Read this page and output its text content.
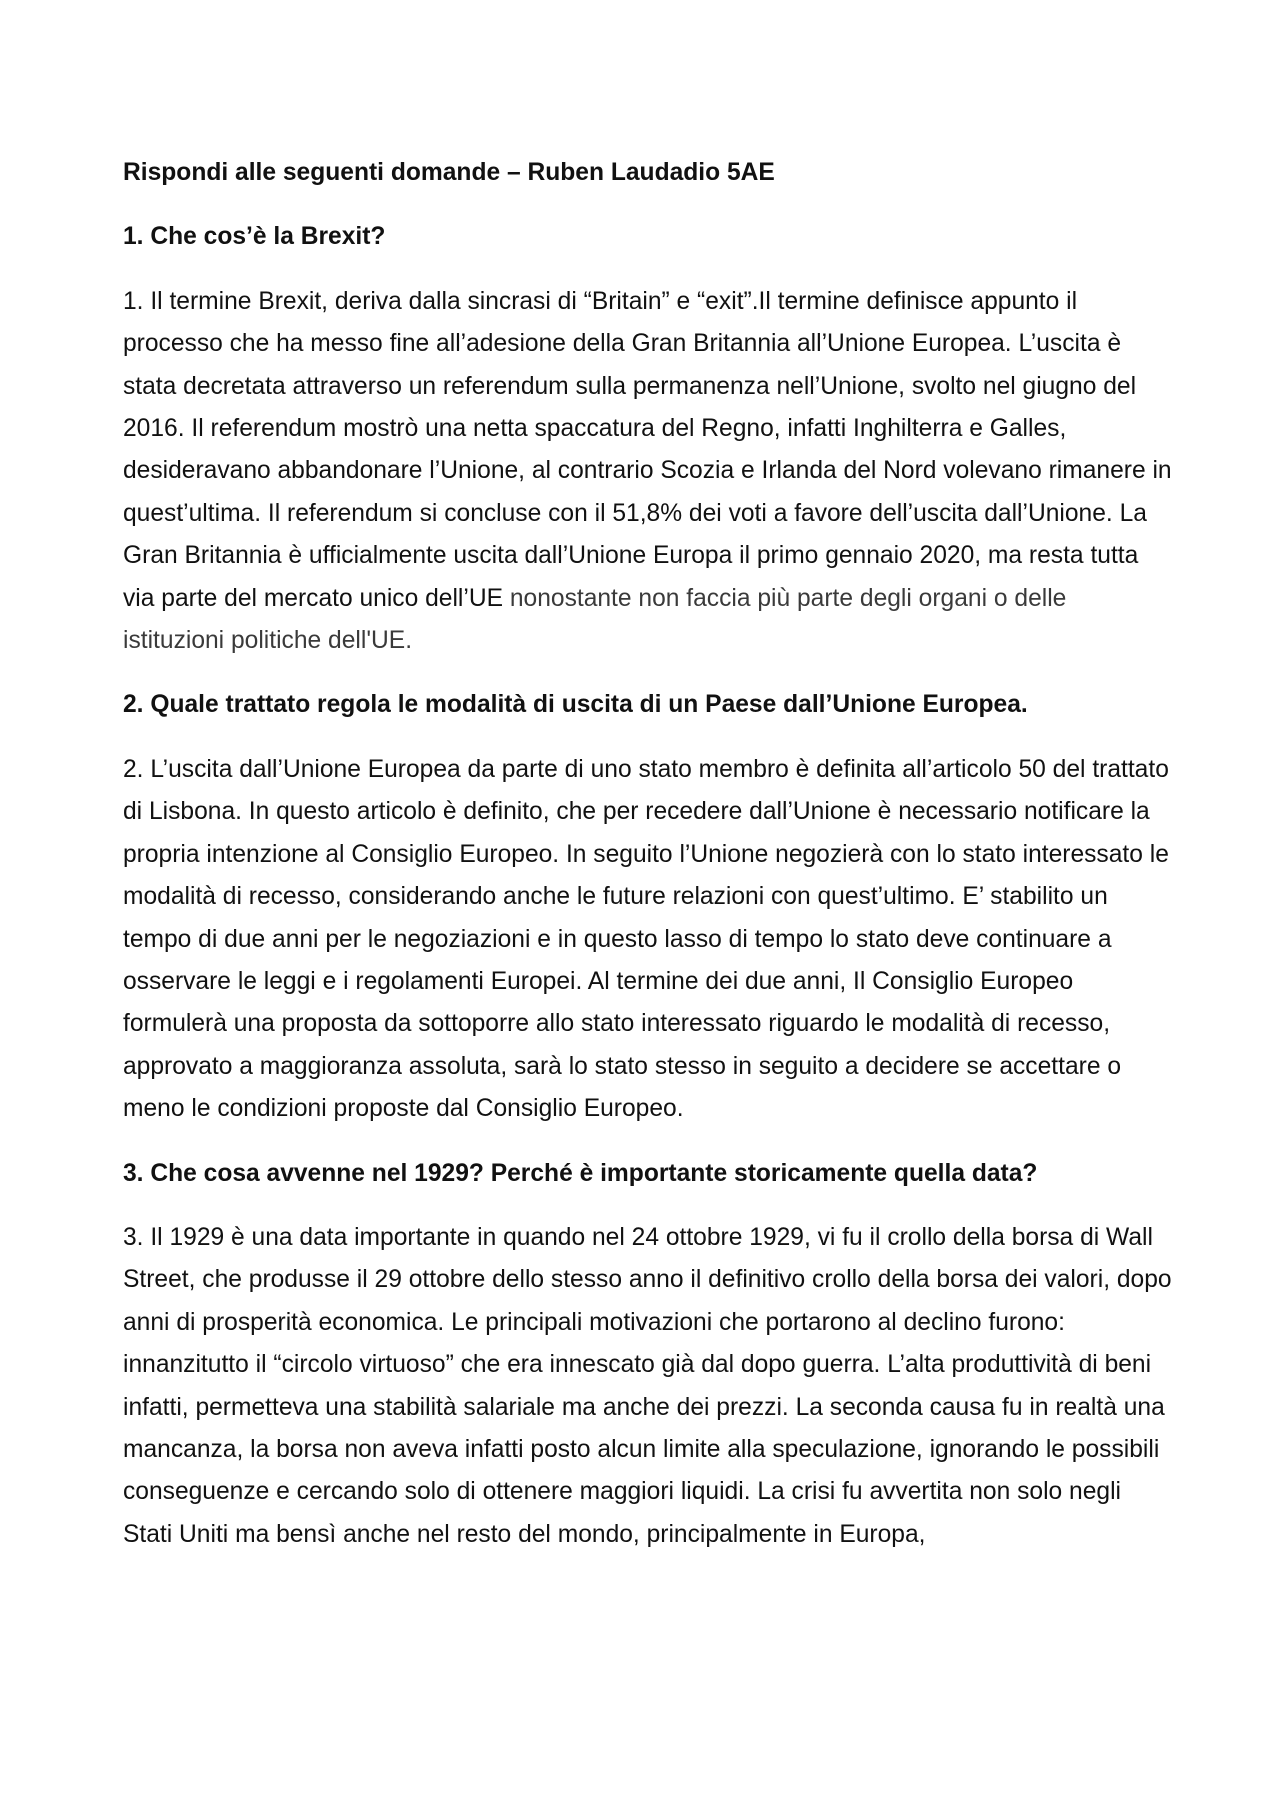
Rispondi alle seguenti domande – Ruben Laudadio 5AE

1. Che cos’è la Brexit?

1. Il termine Brexit, deriva dalla sincrasi di “Britain” e “exit”.Il termine definisce appunto il processo che ha messo fine all’adesione della Gran Britannia all’Unione Europea. L’uscita è stata decretata attraverso un referendum sulla permanenza nell’Unione, svolto nel giugno del 2016. Il referendum mostrò una netta spaccatura del Regno, infatti Inghilterra e Galles, desideravano abbandonare l’Unione, al contrario Scozia e Irlanda del Nord volevano rimanere in quest’ultima. Il referendum si concluse con il 51,8% dei voti a favore dell’uscita dall’Unione. La Gran Britannia è ufficialmente uscita dall’Unione Europa il primo gennaio 2020, ma resta tutta via parte del mercato unico dell’UE nonostante non faccia più parte degli organi o delle istituzioni politiche dell'UE.

2. Quale trattato regola le modalità di uscita di un Paese dall’Unione Europea.

2. L’uscita dall’Unione Europea da parte di uno stato membro è definita all’articolo 50 del trattato di Lisbona. In questo articolo è definito, che per recedere dall’Unione è necessario notificare la propria intenzione al Consiglio Europeo. In seguito l’Unione negozierà con lo stato interessato le modalità di recesso, considerando anche le future relazioni con quest’ultimo. E’ stabilito un tempo di due anni per le negoziazioni e in questo lasso di tempo lo stato deve continuare a osservare le leggi e i regolamenti Europei. Al termine dei due anni, Il Consiglio Europeo formulerà una proposta da sottoporre allo stato interessato riguardo le modalità di recesso, approvato a maggioranza assoluta, sarà lo stato stesso in seguito a decidere se accettare o meno le condizioni proposte dal Consiglio Europeo.

3. Che cosa avvenne nel 1929? Perché è importante storicamente quella data?

3. Il 1929 è una data importante in quando nel 24 ottobre 1929, vi fu il crollo della borsa di Wall Street, che produsse il 29 ottobre dello stesso anno il definitivo crollo della borsa dei valori, dopo anni di prosperità economica. Le principali motivazioni che portarono al declino furono: innanzitutto il “circolo virtuoso” che era innescato già dal dopo guerra. L’alta produttività di beni infatti, permetteva una stabilità salariale ma anche dei prezzi. La seconda causa fu in realtà una mancanza, la borsa non aveva infatti posto alcun limite alla speculazione, ignorando le possibili conseguenze e cercando solo di ottenere maggiori liquidi. La crisi fu avvertita non solo negli Stati Uniti ma bensì anche nel resto del mondo, principalmente in Europa,
